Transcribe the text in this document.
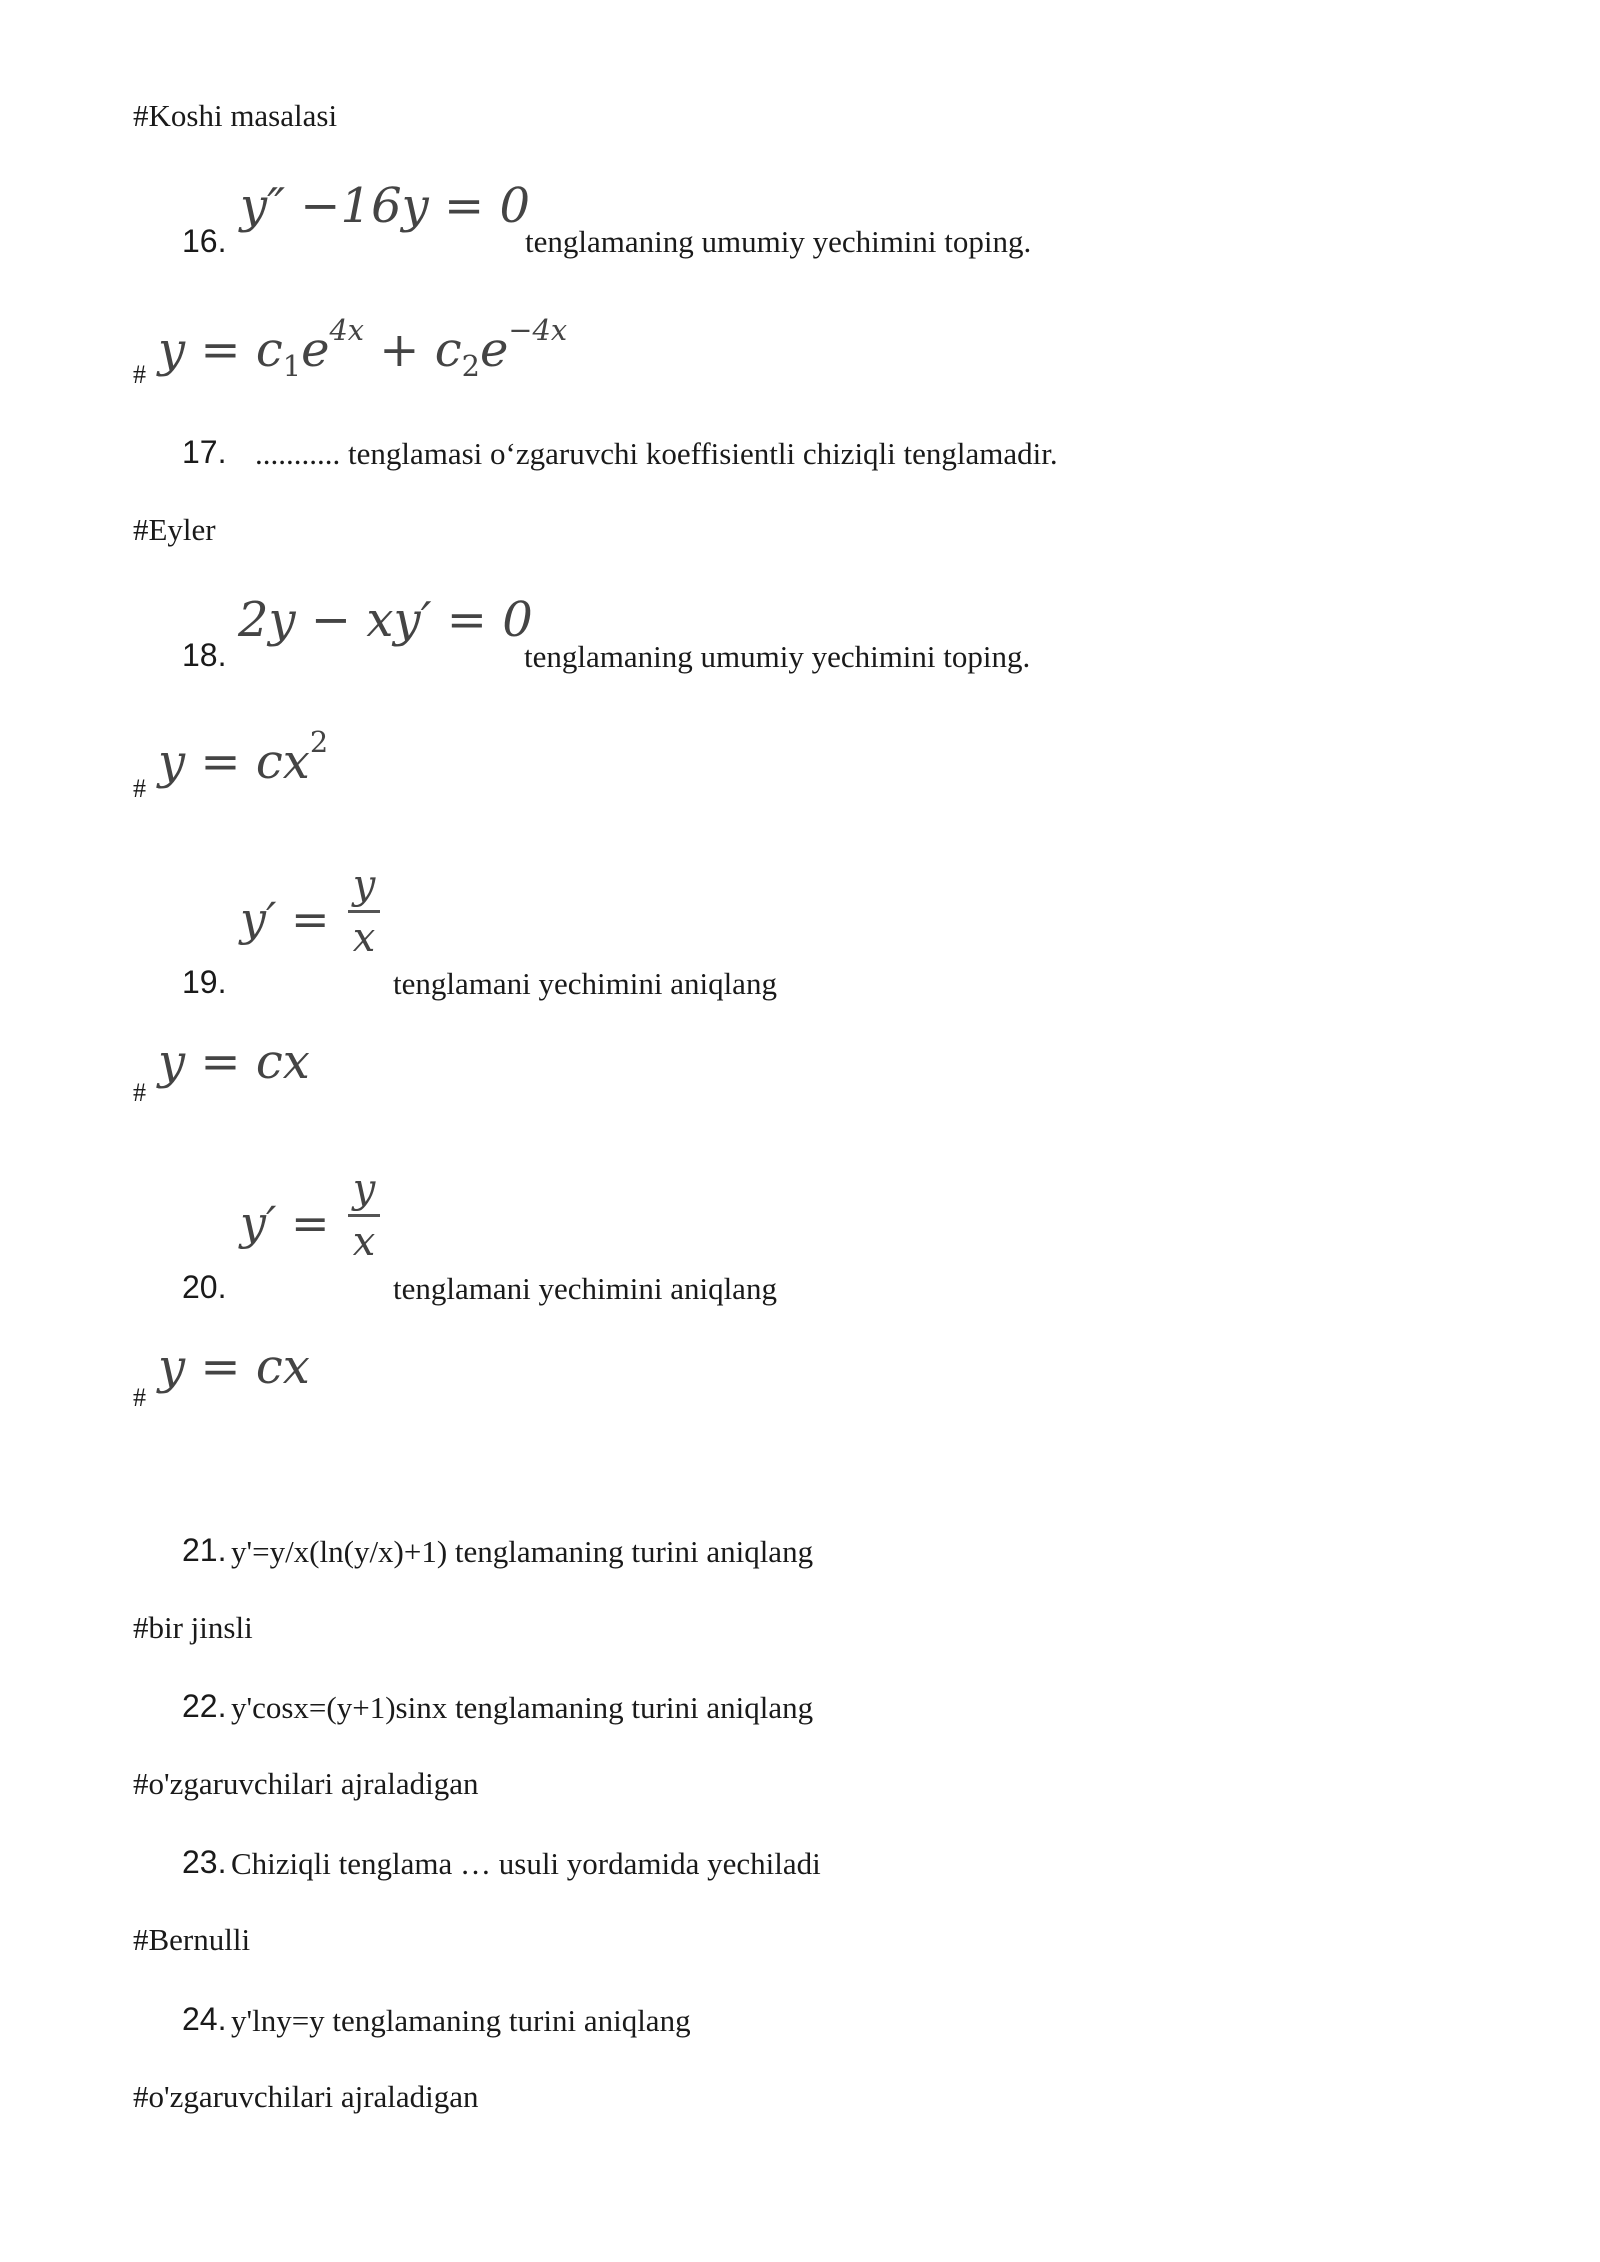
#Koshi masalasi
16.
y″ −16y = 0
tenglamaning umumiy yechimini toping.
# $y = c_1e^{4x} + c_2e^{-4x}$
17. ........... tenglamasi o‘zgaruvchi koeffisientli chiziqli tenglamadir.
#Eyler
18.
2y − xy′ = 0
tenglamaning umumiy yechimini toping.
# $y = cx^2$
19.
y′ =
y
x
tenglamani yechimini aniqlang
#
y = cx
20.
y′ =
y
x
tenglamani yechimini aniqlang
#
y = cx
21. y'=y/x(ln(y/x)+1) tenglamaning turini aniqlang
#bir jinsli
22. y'cosx=(y+1)sinx tenglamaning turini aniqlang
#o'zgaruvchilari ajraladigan
23. Chiziqli tenglama … usuli yordamida yechiladi
#Bernulli
24. y'lny=y tenglamaning turini aniqlang
#o'zgaruvchilari ajraladigan
